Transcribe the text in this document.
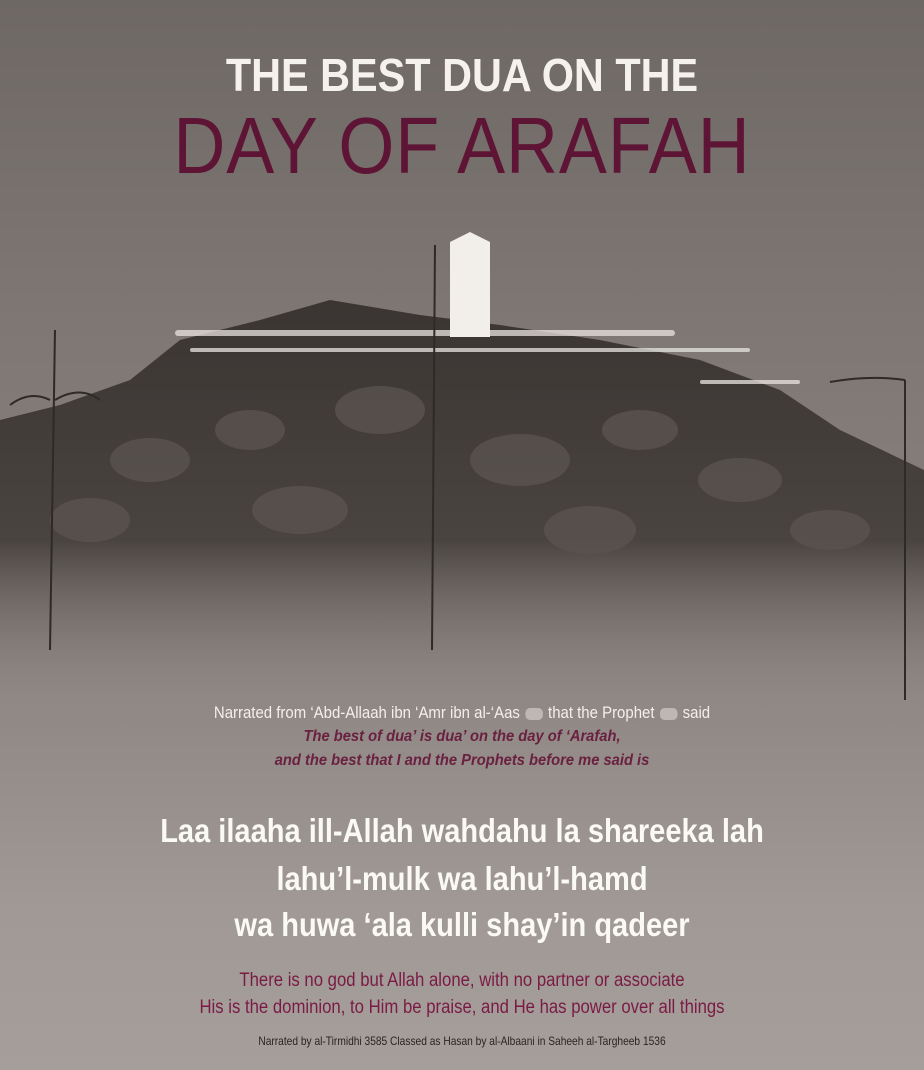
THE BEST DUA ON THE
DAY OF ARAFAH
Narrated from ‘Abd-Allaah ibn ‘Amr ibn al-‘Aas that the Prophet said
The best of dua’ is dua’ on the day of ‘Arafah,
and the best that I and the Prophets before me said is
Laa ilaaha ill-Allah wahdahu la shareeka lah
lahu’l-mulk wa lahu’l-hamd
wa huwa ‘ala kulli shay’in qadeer
There is no god but Allah alone, with no partner or associate
His is the dominion, to Him be praise, and He has power over all things
Narrated by al-Tirmidhi 3585 Classed as Hasan by al-Albaani in Saheeh al-Targheeb 1536
